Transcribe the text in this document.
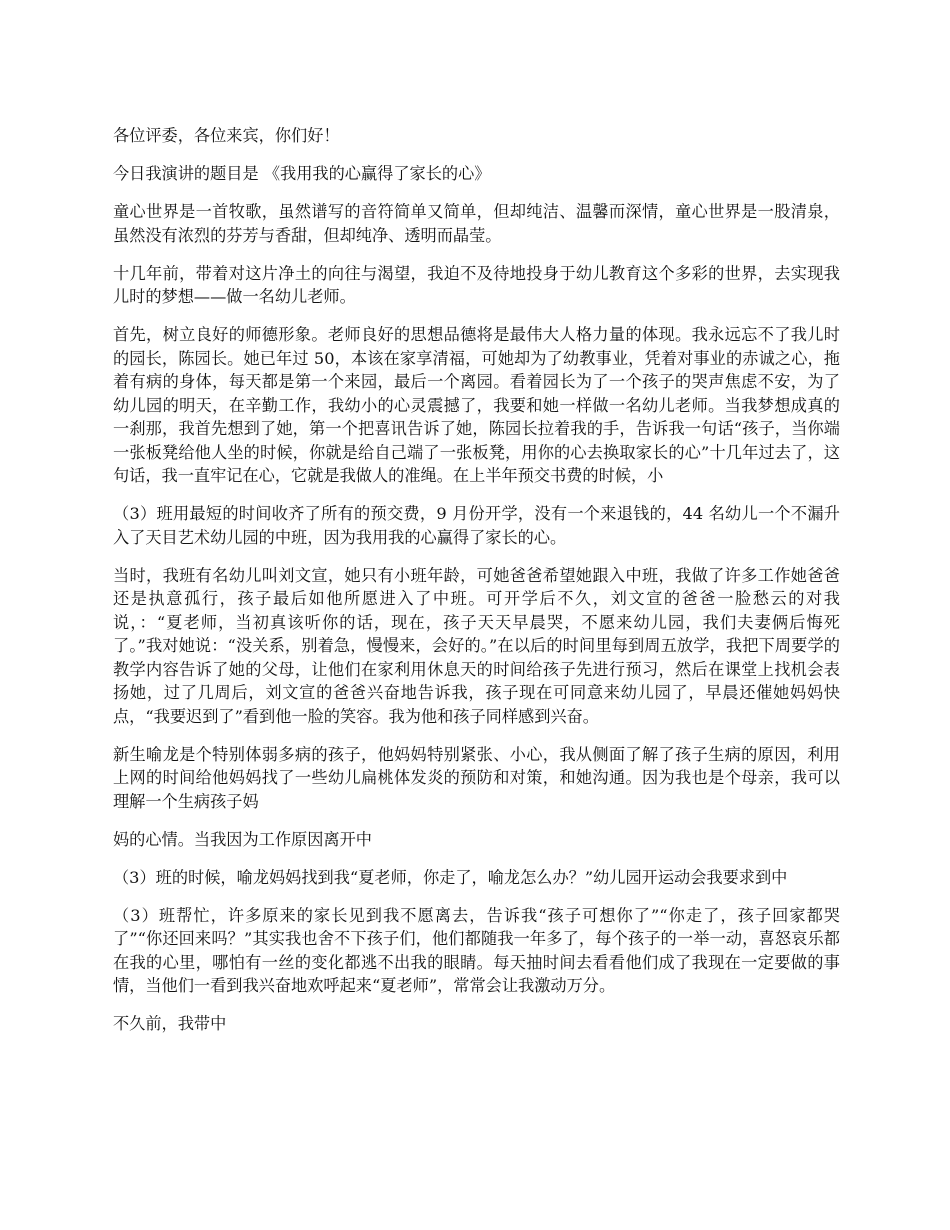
各位评委，各位来宾，你们好！

今日我演讲的题目是 《我用我的心赢得了家长的心》

童心世界是一首牧歌，虽然谱写的音符简单又简单，但却纯洁、温馨而深情，童心世界是一股清泉，虽然没有浓烈的芬芳与香甜，但却纯净、透明而晶莹。

十几年前，带着对这片净土的向往与渴望，我迫不及待地投身于幼儿教育这个多彩的世界，去实现我儿时的梦想——做一名幼儿老师。

首先，树立良好的师德形象。老师良好的思想品德将是最伟大人格力量的体现。我永远忘不了我儿时的园长，陈园长。她已年过 50，本该在家享清福，可她却为了幼教事业，凭着对事业的赤诚之心，拖着有病的身体，每天都是第一个来园，最后一个离园。看着园长为了一个孩子的哭声焦虑不安，为了幼儿园的明天，在辛勤工作，我幼小的心灵震撼了，我要和她一样做一名幼儿老师。当我梦想成真的一刹那，我首先想到了她，第一个把喜讯告诉了她，陈园长拉着我的手，告诉我一句话“孩子，当你端一张板凳给他人坐的时候，你就是给自己端了一张板凳，用你的心去换取家长的心”十几年过去了，这句话，我一直牢记在心，它就是我做人的准绳。在上半年预交书费的时候，小

（3）班用最短的时间收齐了所有的预交费，9 月份开学，没有一个来退钱的，44 名幼儿一个不漏升入了天目艺术幼儿园的中班，因为我用我的心赢得了家长的心。

当时，我班有名幼儿叫刘文宣，她只有小班年龄，可她爸爸希望她跟入中班，我做了许多工作她爸爸还是执意孤行，孩子最后如他所愿进入了中班。可开学后不久，刘文宣的爸爸一脸愁云的对我说，：“夏老师，当初真该听你的话，现在，孩子天天早晨哭，不愿来幼儿园，我们夫妻俩后悔死了。”我对她说：“没关系，别着急，慢慢来，会好的。”在以后的时间里每到周五放学，我把下周要学的教学内容告诉了她的父母，让他们在家利用休息天的时间给孩子先进行预习，然后在课堂上找机会表扬她，过了几周后，刘文宣的爸爸兴奋地告诉我，孩子现在可同意来幼儿园了，早晨还催她妈妈快点，“我要迟到了”看到他一脸的笑容。我为他和孩子同样感到兴奋。

新生喻龙是个特别体弱多病的孩子，他妈妈特别紧张、小心，我从侧面了解了孩子生病的原因，利用上网的时间给他妈妈找了一些幼儿扁桃体发炎的预防和对策，和她沟通。因为我也是个母亲，我可以理解一个生病孩子妈

妈的心情。当我因为工作原因离开中

（3）班的时候，喻龙妈妈找到我“夏老师，你走了，喻龙怎么办？”幼儿园开运动会我要求到中

（3）班帮忙，许多原来的家长见到我不愿离去，告诉我“孩子可想你了”“你走了，孩子回家都哭了”“你还回来吗？”其实我也舍不下孩子们，他们都随我一年多了，每个孩子的一举一动，喜怒哀乐都在我的心里，哪怕有一丝的变化都逃不出我的眼睛。每天抽时间去看看他们成了我现在一定要做的事情，当他们一看到我兴奋地欢呼起来“夏老师”，常常会让我激动万分。

不久前，我带中
